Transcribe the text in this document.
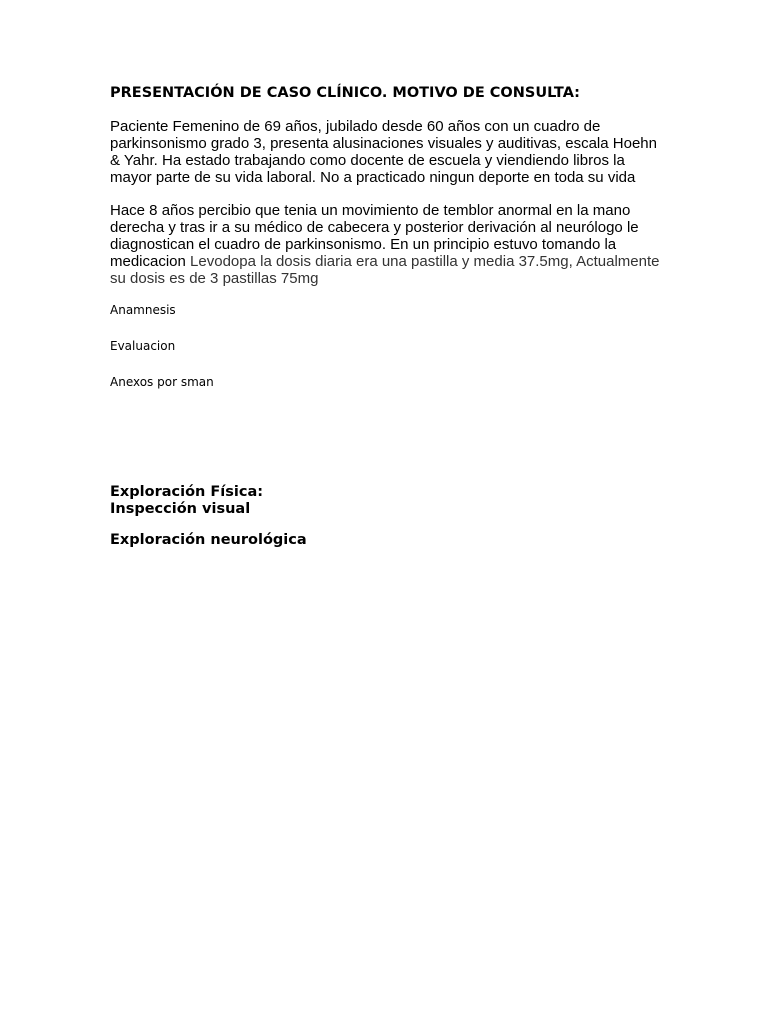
PRESENTACIÓN DE CASO CLÍNICO. MOTIVO DE CONSULTA:

Paciente Femenino de 69 años, jubilado desde 60 años con un cuadro de parkinsonismo grado 3, presenta alusinaciones visuales y auditivas, escala Hoehn & Yahr. Ha estado trabajando como docente de escuela y viendiendo libros la mayor parte de su vida laboral. No a practicado ningun deporte en toda su vida

Hace 8 años percibio que tenia un movimiento de temblor anormal en la mano derecha y tras ir a su médico de cabecera y posterior derivación al neurólogo le diagnostican el cuadro de parkinsonismo. En un principio estuvo tomando la medicacion Levodopa la dosis diaria era una pastilla y media 37.5mg, Actualmente su dosis es de 3 pastillas 75mg

Anamnesis

Evaluacion

Anexos por sman

Exploración Física:

Inspección visual

Exploración neurológica
